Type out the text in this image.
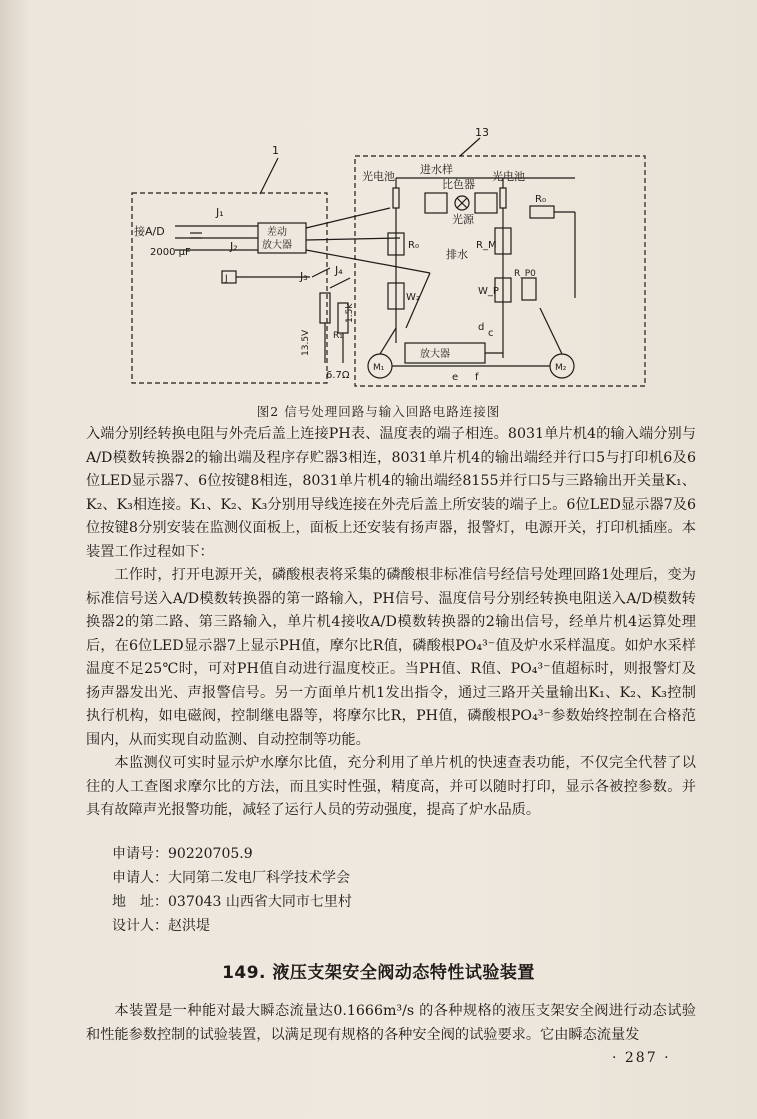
1
13
J₁
J₂
J₃ J₄
J
接A/D
2000 μF
差动
放大器
光电池
进水样
比色器
光源
光电池
排水
R₀
R₀
R_M
W₂
W_P
R_P0
13.5V R₁
1.5k
6.7Ω
放大器
M₁	M₂
d
c
e f
图2 信号处理回路与输入回路电路连接图

入端分别经转换电阻与外壳后盖上连接PH表、温度表的端子相连。8031单片机4的输入端分别与A/D模数转换器2的输出端及程序存贮器3相连，8031单片机4的输出端经并行口5与打印机6及6位LED显示器7、6位按键8相连，8031单片机4的输出端经8155并行口5与三路输出开关量K₁、K₂、K₃相连接。K₁、K₂、K₃分别用导线连接在外壳后盖上所安装的端子上。6位LED显示器7及6位按键8分别安装在监测仪面板上，面板上还安装有扬声器，报警灯，电源开关，打印机插座。本装置工作过程如下：

工作时，打开电源开关，磷酸根表将采集的磷酸根非标准信号经信号处理回路1处理后，变为标准信号送入A/D模数转换器的第一路输入，PH信号、温度信号分别经转换电阻送入A/D模数转换器2的第二路、第三路输入，单片机4接收A/D模数转换器的2输出信号，经单片机4运算处理后，在6位LED显示器7上显示PH值，摩尔比R值，磷酸根PO₄³⁻值及炉水采样温度。如炉水采样温度不足25℃时，可对PH值自动进行温度校正。当PH值、R值、PO₄³⁻值超标时，则报警灯及扬声器发出光、声报警信号。另一方面单片机1发出指令，通过三路开关量输出K₁、K₂、K₃控制执行机构，如电磁阀，控制继电器等，将摩尔比R，PH值，磷酸根PO₄³⁻参数始终控制在合格范围内，从而实现自动监测、自动控制等功能。

本监测仪可实时显示炉水摩尔比值，充分利用了单片机的快速查表功能，不仅完全代替了以往的人工查图求摩尔比的方法，而且实时性强，精度高，并可以随时打印，显示各被控参数。并具有故障声光报警功能，减轻了运行人员的劳动强度，提高了炉水品质。

申请号：90220705.9
申请人：大同第二发电厂科学技术学会
地　址：037043 山西省大同市七里村
设计人：赵洪堤
149. 液压支架安全阀动态特性试验装置

本装置是一种能对最大瞬态流量达0.1666m³/s 的各种规格的液压支架安全阀进行动态试验和性能参数控制的试验装置，以满足现有规格的各种安全阀的试验要求。它由瞬态流量发

· 287 ·
